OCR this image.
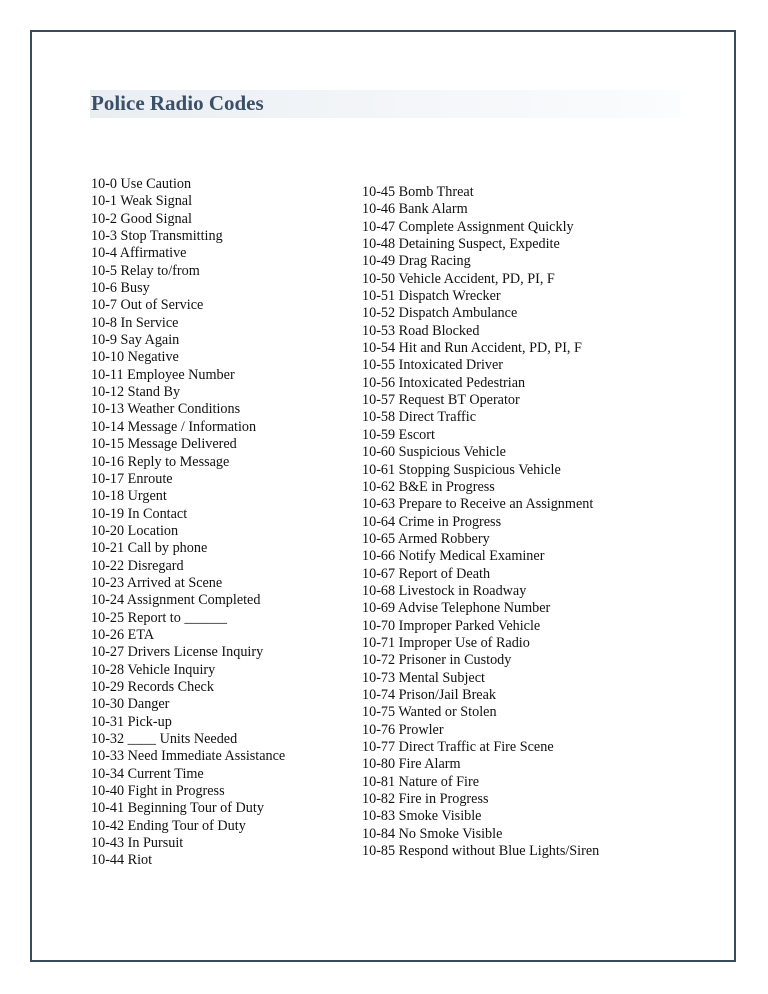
Police Radio Codes
10-0 Use Caution
10-1 Weak Signal
10-2 Good Signal
10-3 Stop Transmitting
10-4 Affirmative
10-5 Relay to/from
10-6 Busy
10-7 Out of Service
10-8 In Service
10-9 Say Again
10-10 Negative
10-11 Employee Number
10-12 Stand By
10-13 Weather Conditions
10-14 Message / Information
10-15 Message Delivered
10-16 Reply to Message
10-17 Enroute
10-18 Urgent
10-19 In Contact
10-20 Location
10-21 Call by phone
10-22 Disregard
10-23 Arrived at Scene
10-24 Assignment Completed
10-25 Report to ______
10-26 ETA
10-27 Drivers License Inquiry
10-28 Vehicle Inquiry
10-29 Records Check
10-30 Danger
10-31 Pick-up
10-32 ____ Units Needed
10-33 Need Immediate Assistance
10-34 Current Time
10-40 Fight in Progress
10-41 Beginning Tour of Duty
10-42 Ending Tour of Duty
10-43 In Pursuit
10-44 Riot
10-45 Bomb Threat
10-46 Bank Alarm
10-47 Complete Assignment Quickly
10-48 Detaining Suspect, Expedite
10-49 Drag Racing
10-50 Vehicle Accident, PD, PI, F
10-51 Dispatch Wrecker
10-52 Dispatch Ambulance
10-53 Road Blocked
10-54 Hit and Run Accident, PD, PI, F
10-55 Intoxicated Driver
10-56 Intoxicated Pedestrian
10-57 Request BT Operator
10-58 Direct Traffic
10-59 Escort
10-60 Suspicious Vehicle
10-61 Stopping Suspicious Vehicle
10-62 B&E in Progress
10-63 Prepare to Receive an Assignment
10-64 Crime in Progress
10-65 Armed Robbery
10-66 Notify Medical Examiner
10-67 Report of Death
10-68 Livestock in Roadway
10-69 Advise Telephone Number
10-70 Improper Parked Vehicle
10-71 Improper Use of Radio
10-72 Prisoner in Custody
10-73 Mental Subject
10-74 Prison/Jail Break
10-75 Wanted or Stolen
10-76 Prowler
10-77 Direct Traffic at Fire Scene
10-80 Fire Alarm
10-81 Nature of Fire
10-82 Fire in Progress
10-83 Smoke Visible
10-84 No Smoke Visible
10-85 Respond without Blue Lights/Siren
